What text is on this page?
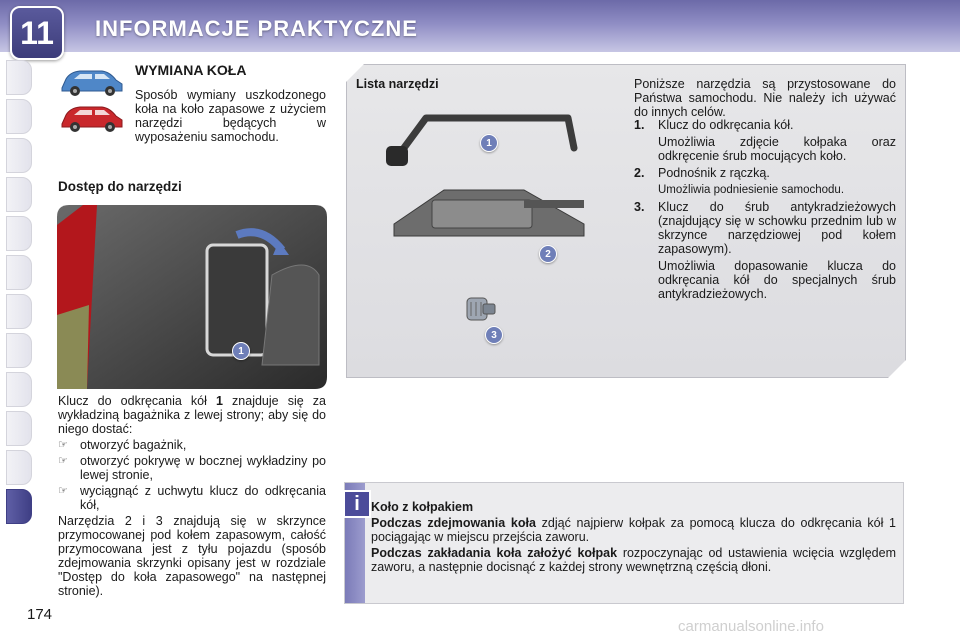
11	INFORMACJE PRAKTYCZNE
WYMIANA KOŁA
Sposób wymiany uszkodzonego koła na koło zapasowe z użyciem narzędzi będących w wyposażeniu samochodu.
Dostęp do narzędzi
1
Klucz do odkręcania kół 1 znajduje się za wykładziną bagażnika z lewej strony; aby się do niego dostać:
☞ otworzyć bagażnik,
☞ otworzyć pokrywę w bocznej wykładziny po lewej stronie,
☞ wyciągnąć z uchwytu klucz do odkręcania kół,
Narzędzia 2 i 3 znajdują się w skrzynce przymocowanej pod kołem zapasowym, całość przymocowana jest z tyłu pojazdu (sposób zdejmowania skrzynki opisany jest w rozdziale "Dostęp do koła zapasowego" na następnej stronie).
Lista narzędzi	Poniższe narzędzia są przystosowane do Państwa samochodu. Nie należy ich używać do innych celów.
1
2
3
1.	Klucz do odkręcania kół.
Umożliwia zdjęcie kołpaka oraz odkręcenie śrub mocujących koło.
2.	Podnośnik z rączką.
Umożliwia podniesienie samochodu.
3.	Klucz do śrub antykradzieżowych (znajdujący się w schowku przednim lub w skrzynce narzędziowej pod kołem zapasowym).
Umożliwia dopasowanie klucza do odkręcania kół do specjalnych śrub antykradzieżowych.
i Koło z kołpakiem
Podczas zdejmowania koła zdjąć najpierw kołpak za pomocą klucza do odkręcania kół 1 pociągając w miejscu przejścia zaworu.
Podczas zakładania koła założyć kołpak rozpoczynając od ustawienia wcięcia względem zaworu, a następnie docisnąć z każdej strony wewnętrzną częścią dłoni.
174
carmanualsonline.info
